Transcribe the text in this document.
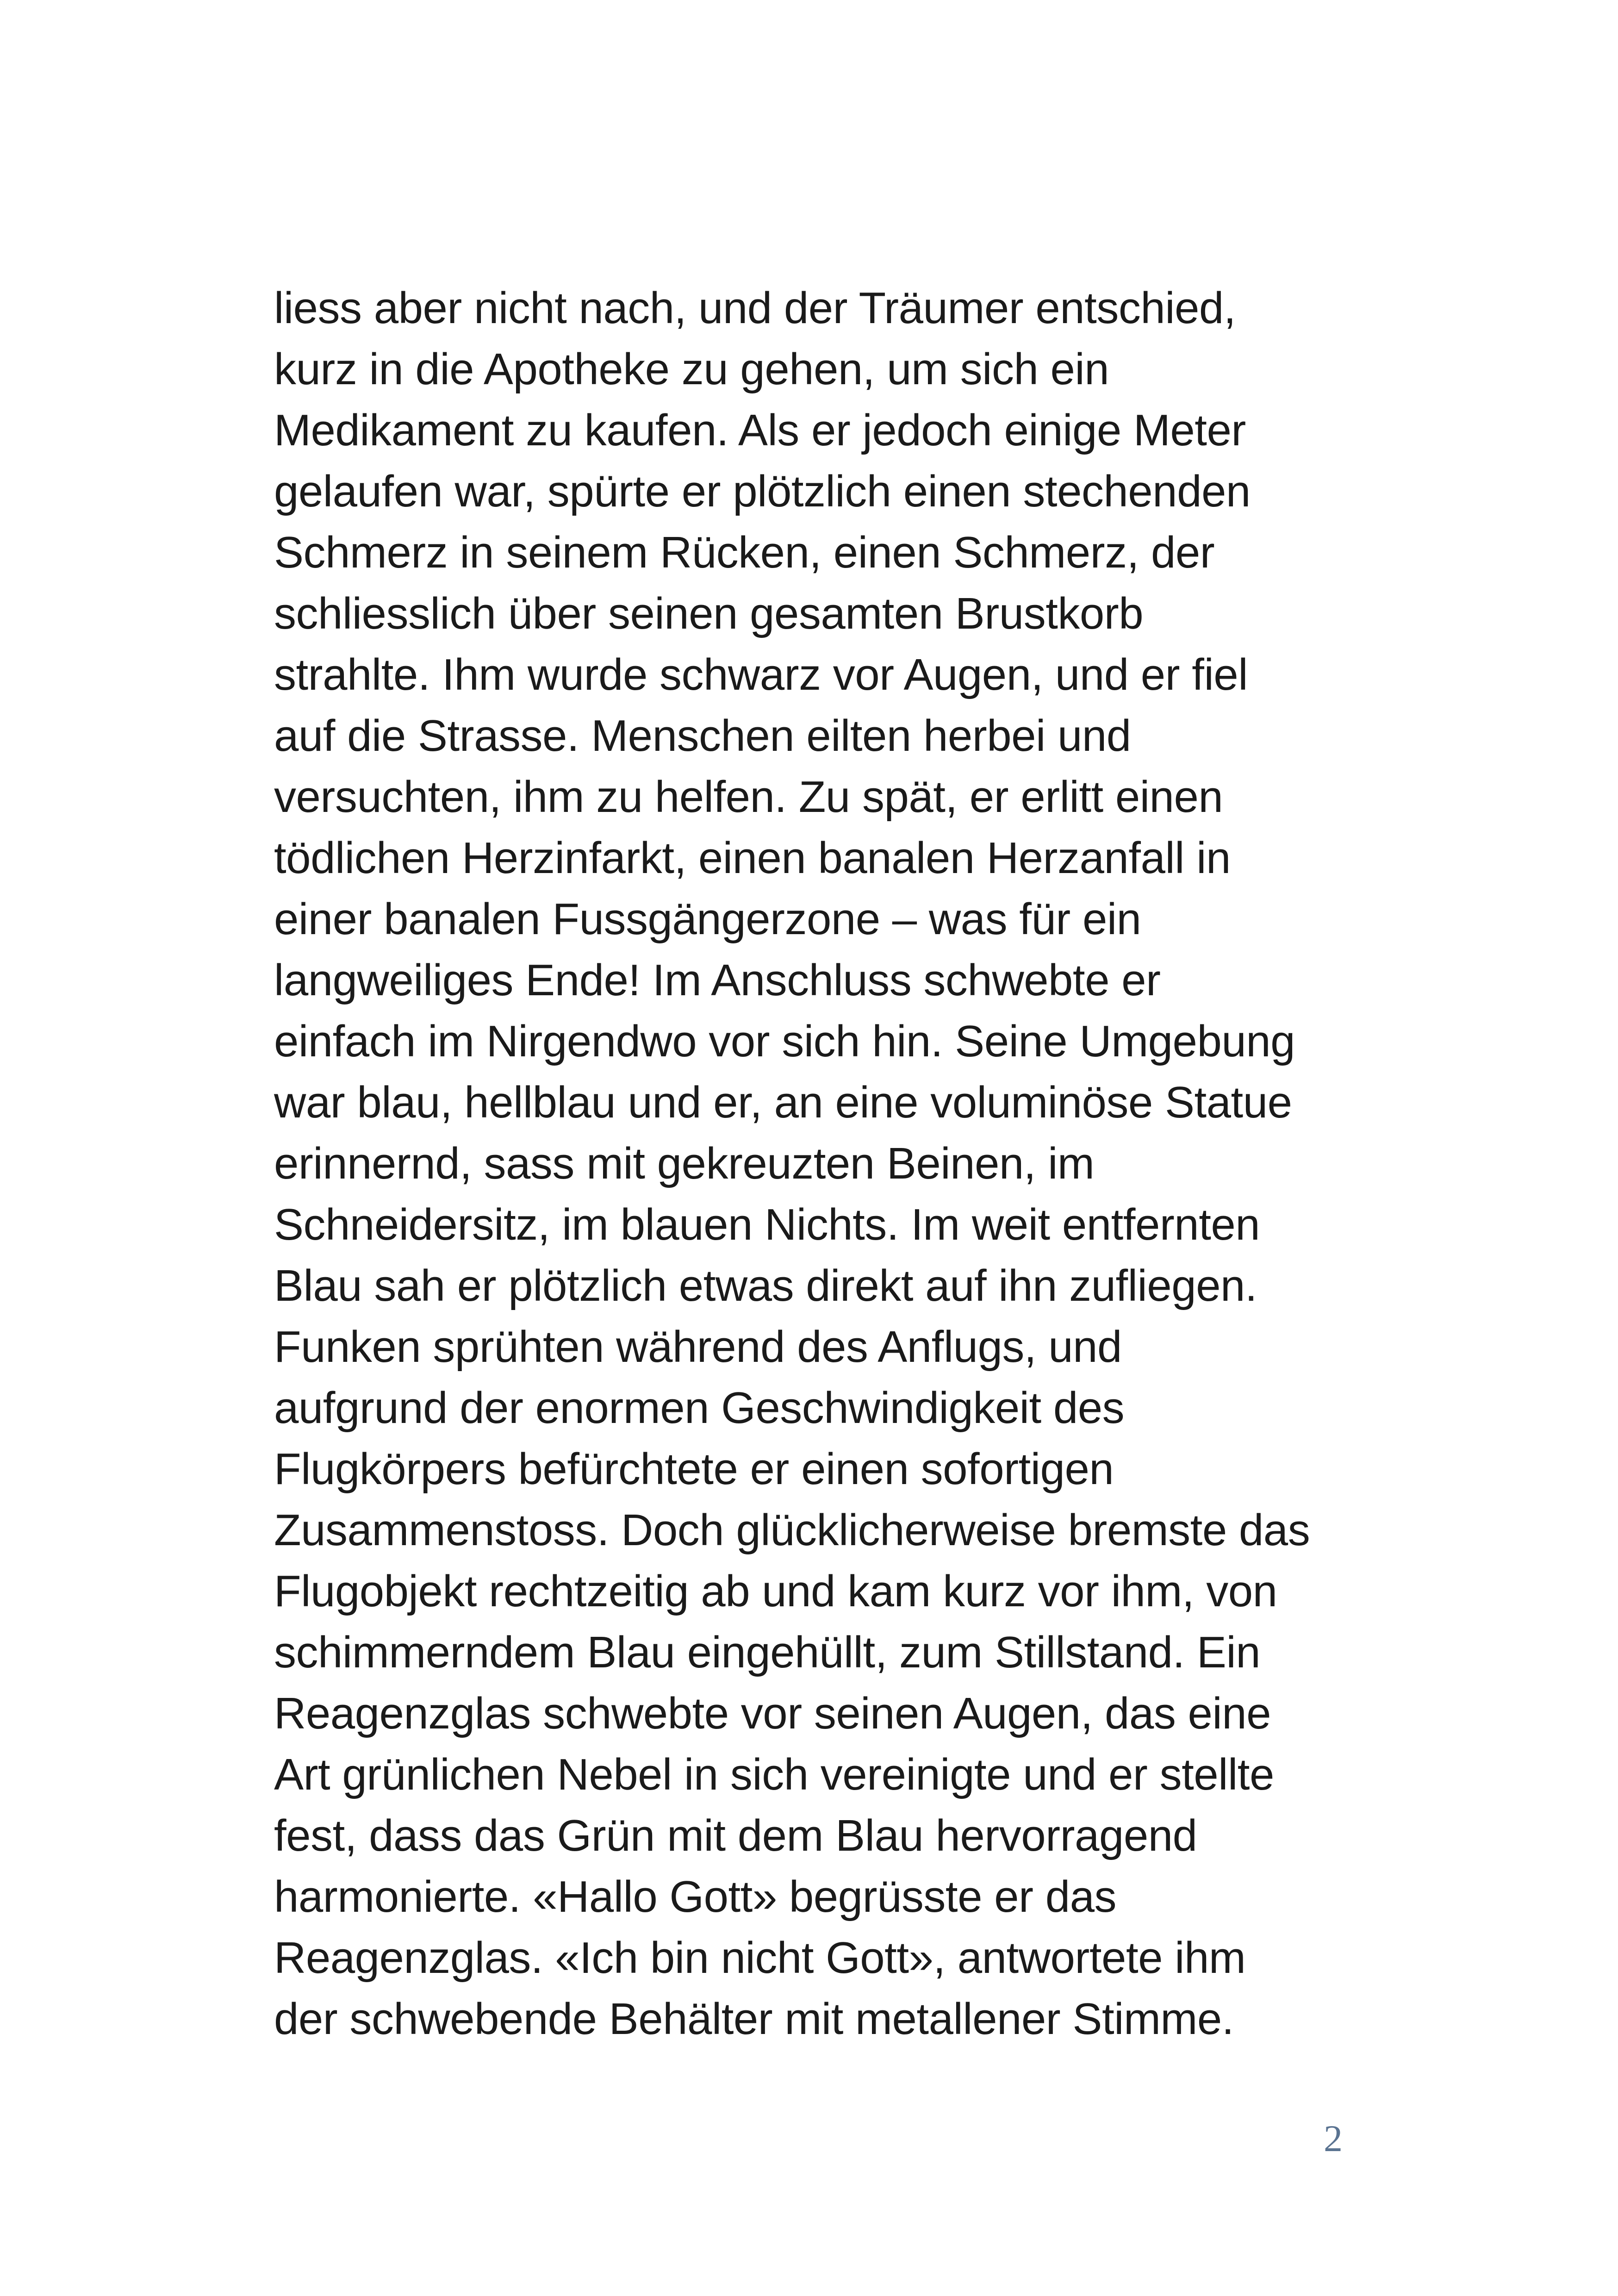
liess aber nicht nach, und der Träumer entschied,
kurz in die Apotheke zu gehen, um sich ein
Medikament zu kaufen. Als er jedoch einige Meter
gelaufen war, spürte er plötzlich einen stechenden
Schmerz in seinem Rücken, einen Schmerz, der
schliesslich über seinen gesamten Brustkorb
strahlte. Ihm wurde schwarz vor Augen, und er fiel
auf die Strasse. Menschen eilten herbei und
versuchten, ihm zu helfen. Zu spät, er erlitt einen
tödlichen Herzinfarkt, einen banalen Herzanfall in
einer banalen Fussgängerzone – was für ein
langweiliges Ende! Im Anschluss schwebte er
einfach im Nirgendwo vor sich hin. Seine Umgebung
war blau, hellblau und er, an eine voluminöse Statue
erinnernd, sass mit gekreuzten Beinen, im
Schneidersitz, im blauen Nichts. Im weit entfernten
Blau sah er plötzlich etwas direkt auf ihn zufliegen.
Funken sprühten während des Anflugs, und
aufgrund der enormen Geschwindigkeit des
Flugkörpers befürchtete er einen sofortigen
Zusammenstoss. Doch glücklicherweise bremste das
Flugobjekt rechtzeitig ab und kam kurz vor ihm, von
schimmerndem Blau eingehüllt, zum Stillstand. Ein
Reagenzglas schwebte vor seinen Augen, das eine
Art grünlichen Nebel in sich vereinigte und er stellte
fest, dass das Grün mit dem Blau hervorragend
harmonierte. «Hallo Gott» begrüsste er das
Reagenzglas. «Ich bin nicht Gott», antwortete ihm
der schwebende Behälter mit metallener Stimme.
2
